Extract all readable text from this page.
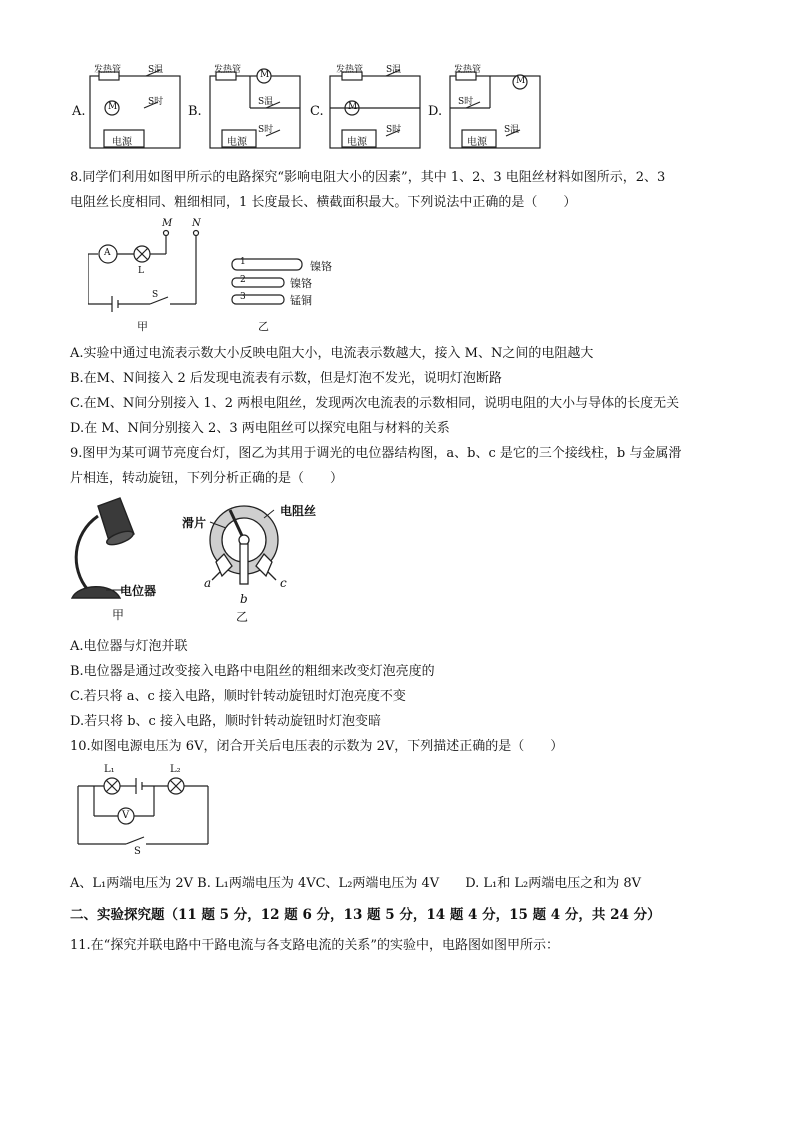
发热管	S温
M	S时
电源
A.
发热管 M
S温
S时
电源
B.
发热管	S温
M
S时
电源
C.
发热管
M
S时
S温
电源
D.
8.同学们利用如图甲所示的电路探究“影响电阻大小的因素”，其中 1、2、3 电阻丝材料如图所示，2、3
电阻丝长度相同、粗细相同，1 长度最长、横截面积最大。下列说法中正确的是（　　）
A
L
S
M N
甲
1
2
3
镍铬
镍铬
锰铜
乙
A.实验中通过电流表示数大小反映电阻大小，电流表示数越大，接入 M、N之间的电阻越大
B.在M、N间接入 2 后发现电流表有示数，但是灯泡不发光，说明灯泡断路
C.在M、N间分别接入 1、2 两根电阻丝，发现两次电流表的示数相同，说明电阻的大小与导体的长度无关
D.在 M、N间分别接入 2、3 两电阻丝可以探究电阻与材料的关系
9.图甲为某可调节亮度台灯，图乙为其用于调光的电位器结构图，a、b、c 是它的三个接线柱，b 与金属滑
片相连，转动旋钮，下列分析正确的是（　　）
电位器
甲
滑片
电阻丝
a
b
c
乙
A.电位器与灯泡并联
B.电位器是通过改变接入电路中电阻丝的粗细来改变灯泡亮度的
C.若只将 a、c 接入电路，顺时针转动旋钮时灯泡亮度不变
D.若只将 b、c 接入电路，顺时针转动旋钮时灯泡变暗
10.如图电源电压为 6V，闭合开关后电压表的示数为 2V，下列描述正确的是（　　）
L₁	L₂
V
S
A、L₁两端电压为 2V B. L₁两端电压为 4VC、L₂两端电压为 4V　　D. L₁和 L₂两端电压之和为 8V
二、实验探究题（11 题 5 分，12 题 6 分，13 题 5 分，14 题 4 分，15 题 4 分，共 24 分）
11.在“探究并联电路中干路电流与各支路电流的关系”的实验中，电路图如图甲所示：
